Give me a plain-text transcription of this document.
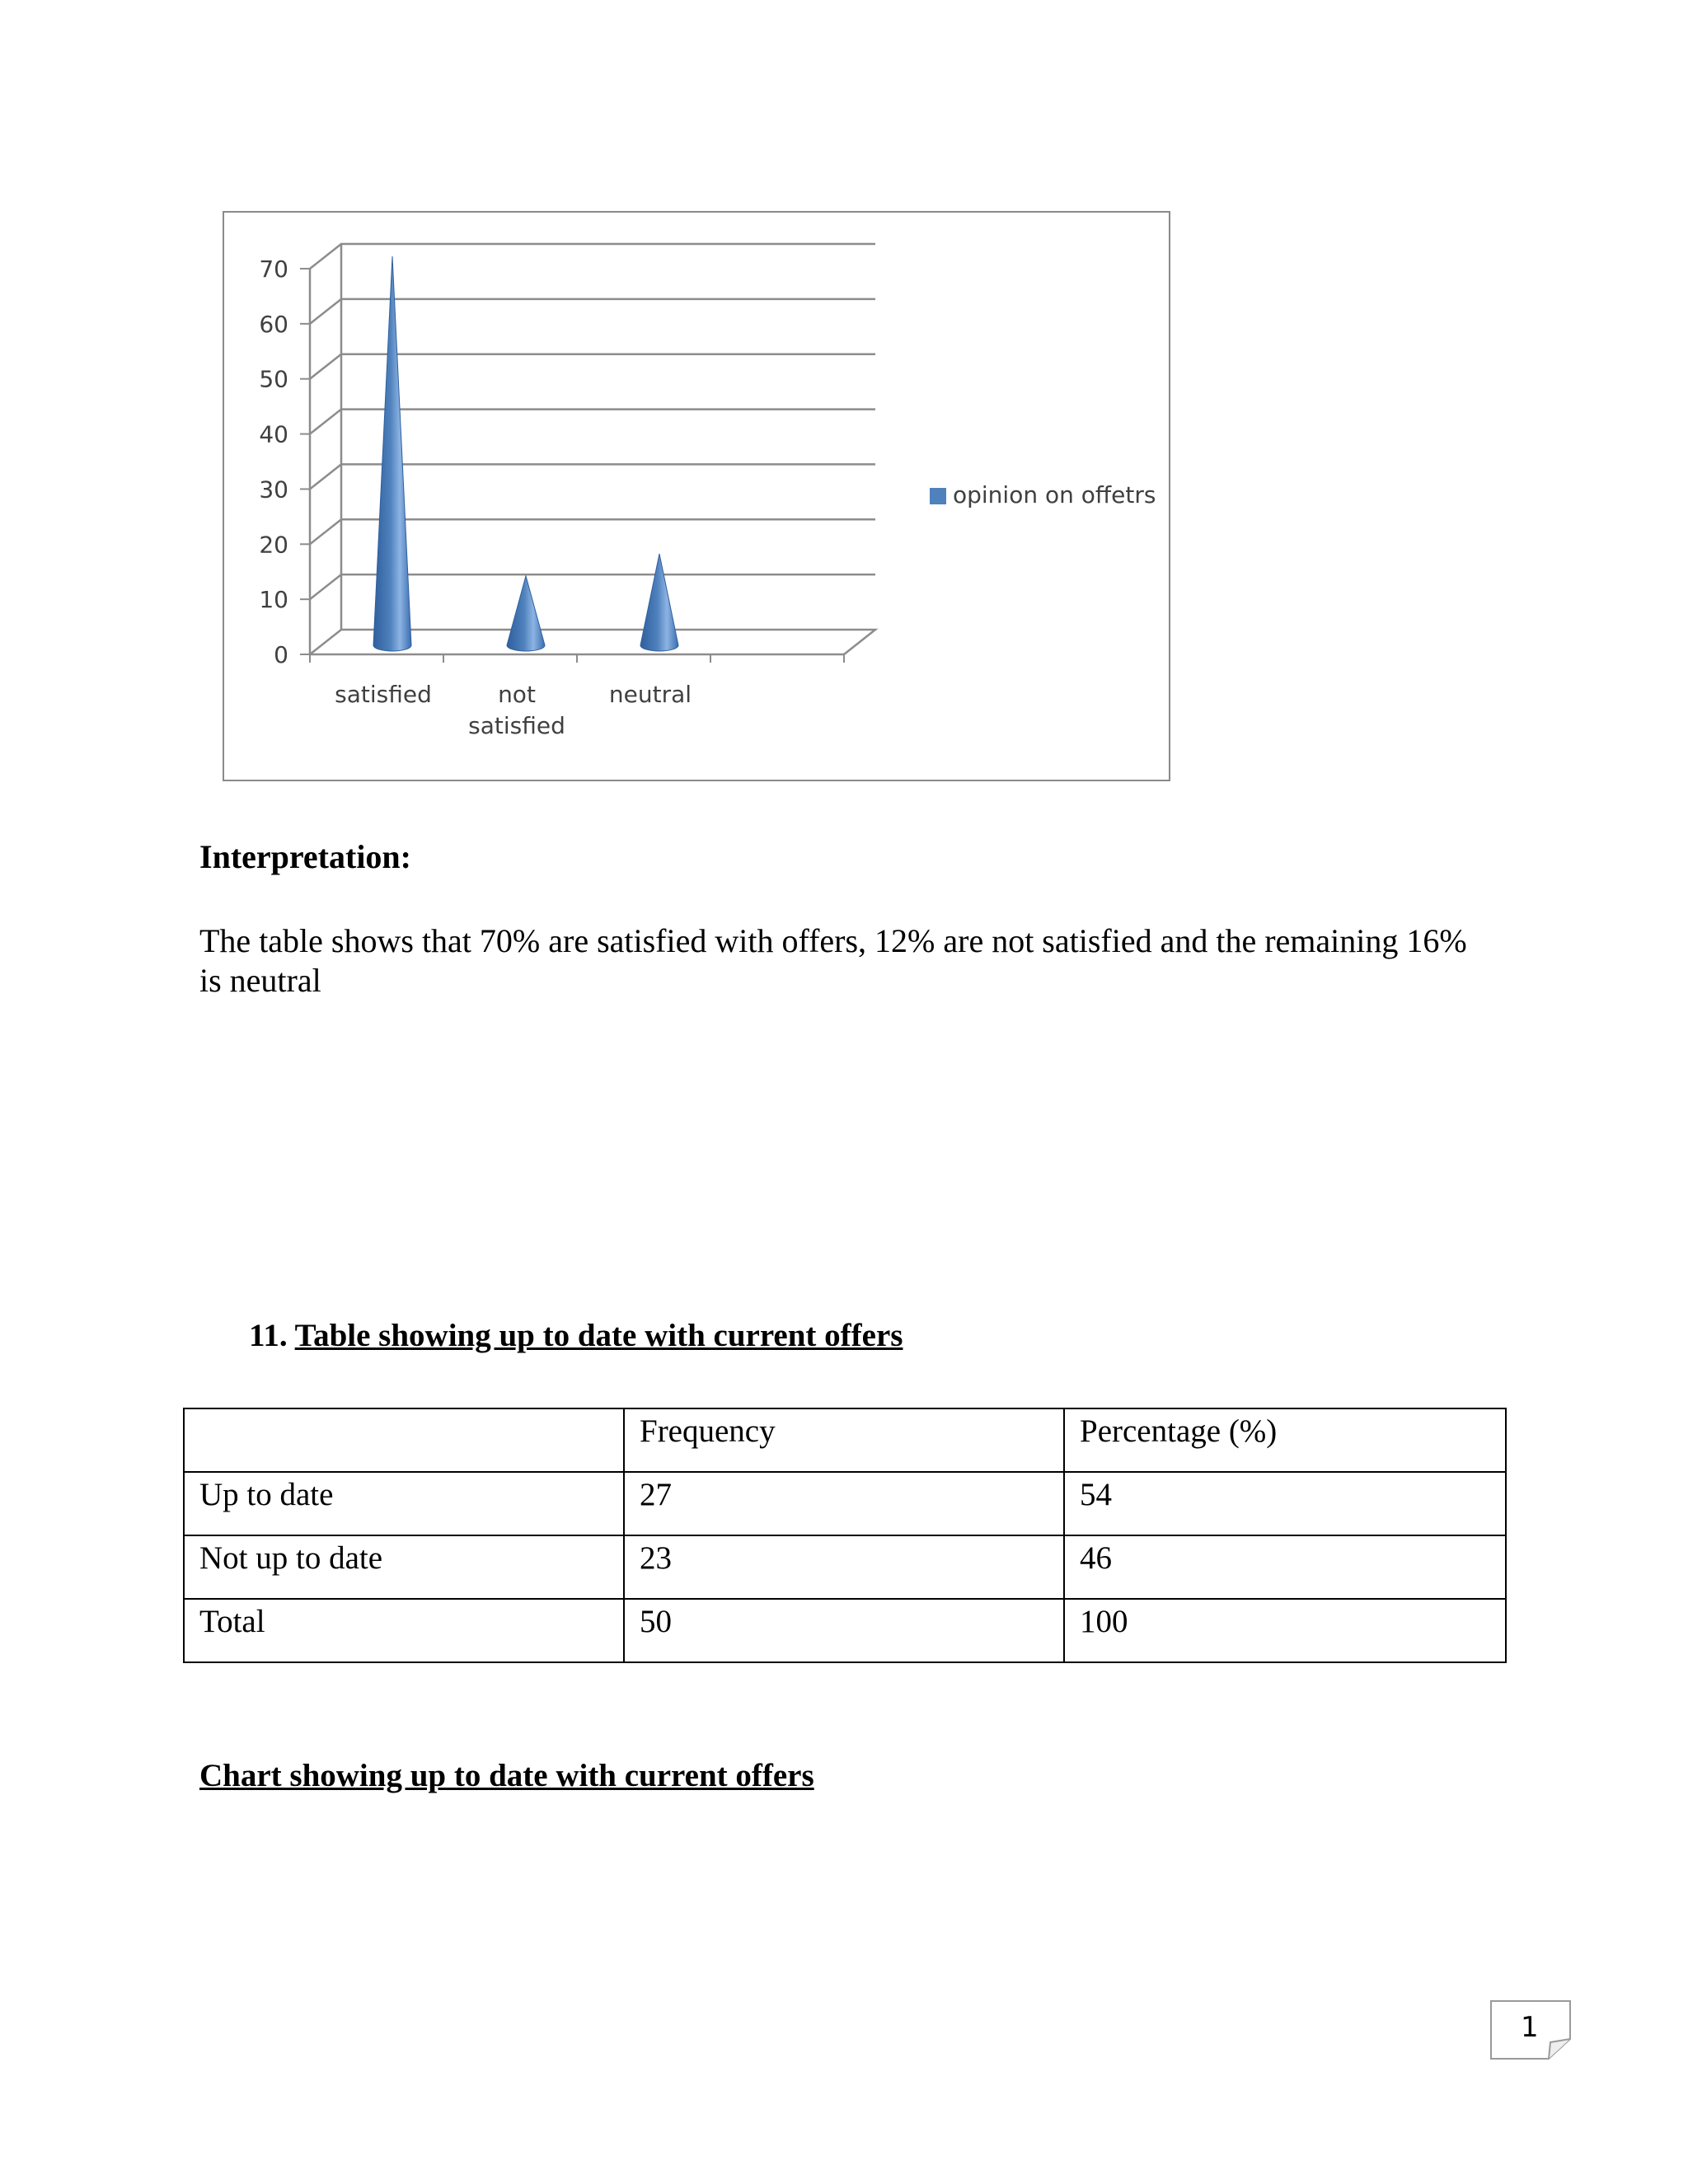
0
10
20
30
40
50
60
70
satisfied	not
satisfied
neutral
opinion on offetrs
Interpretation:

The table shows that 70% are satisfied with offers, 12% are not satisfied and the remaining 16% is neutral

11. Table showing up to date with current offers
	Frequency	Percentage (%)
Up to date	27	54
Not up to date	23	46
Total	50	100
Chart showing up to date with current offers
1
